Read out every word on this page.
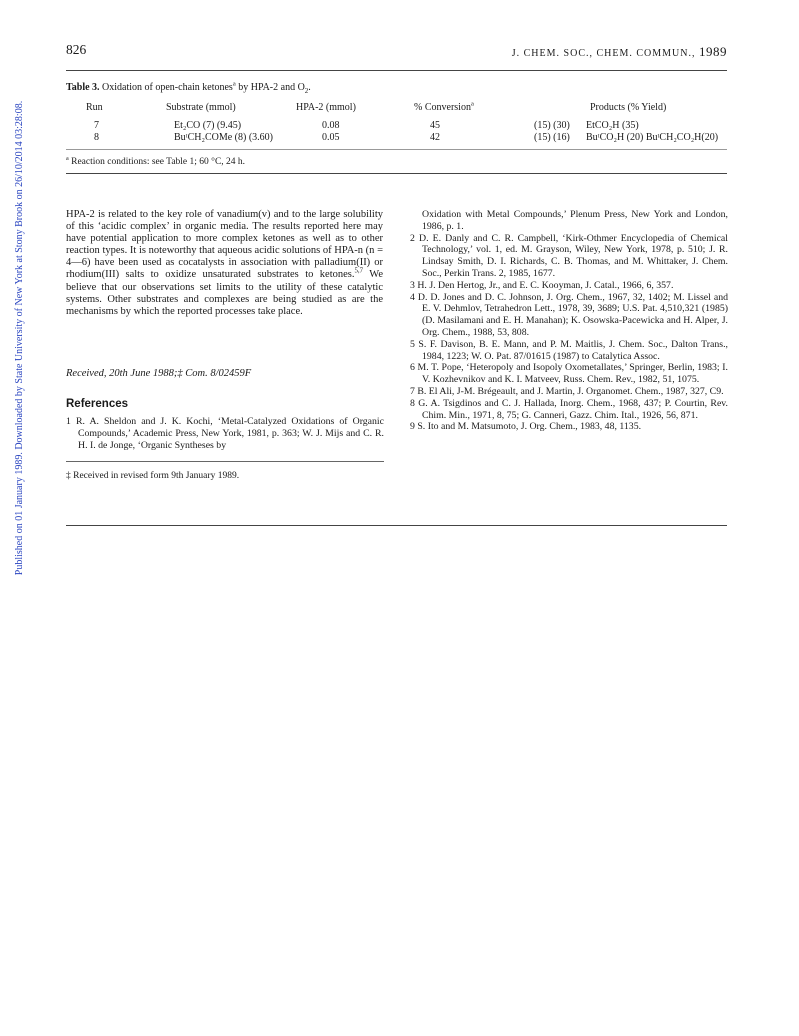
Published on 01 January 1989. Downloaded by State University of New York at Stony Brook on 26/10/2014 03:28:08.
826	J. CHEM. SOC., CHEM. COMMUN., 1989
Table 3. Oxidation of open-chain ketones$^a$ by HPA-2 and $O_2$.
Run	Substrate (mmol)	HPA-2 (mmol)	% Conversion$^a$	Products (% Yield)	
7	Et₂CO (7) (9.45)	0.08	45	(15) (30)	EtCO₂H (35)
8	BuᵗCH₂COMe (8) (3.60)	0.05	42	(15) (16)	BuᵗCO₂H (20) BuᵗCH₂CO₂H(20)
$^a$ Reaction conditions: see Table 1; 60 °C, 24 h.

HPA-2 is related to the key role of vanadium(v) and to the large solubility of this ‘acidic complex’ in organic media. The results reported here may have potential application to more complex ketones as well as to other reaction types. It is noteworthy that aqueous acidic solutions of HPA-n (n = 4—6) have been used as cocatalysts in association with palladium(II) or rhodium(III) salts to oxidize unsaturated substrates to ketones.$^{5,7}$ We believe that our observations set limits to the utility of these catalytic systems. Other substrates and complexes are being studied as are the mechanisms by which the reported processes take place.

Received, 20th June 1988;‡ Com. 8/02459F
References

1 R. A. Sheldon and J. K. Kochi, ‘Metal-Catalyzed Oxidations of Organic Compounds,’ Academic Press, New York, 1981, p. 363; W. J. Mijs and C. R. H. I. de Jonge, ‘Organic Syntheses by

‡ Received in revised form 9th January 1989.

Oxidation with Metal Compounds,’ Plenum Press, New York and London, 1986, p. 1.

2 D. E. Danly and C. R. Campbell, ‘Kirk-Othmer Encyclopedia of Chemical Technology,’ vol. 1, ed. M. Grayson, Wiley, New York, 1978, p. 510; J. R. Lindsay Smith, D. I. Richards, C. B. Thomas, and M. Whittaker, J. Chem. Soc., Perkin Trans. 2, 1985, 1677.

3 H. J. Den Hertog, Jr., and E. C. Kooyman, J. Catal., 1966, 6, 357.

4 D. D. Jones and D. C. Johnson, J. Org. Chem., 1967, 32, 1402; M. Lissel and E. V. Dehmlov, Tetrahedron Lett., 1978, 39, 3689; U.S. Pat. 4,510,321 (1985) (D. Masilamani and E. H. Manahan); K. Osowska-Pacewicka and H. Alper, J. Org. Chem., 1988, 53, 808.

5 S. F. Davison, B. E. Mann, and P. M. Maitlis, J. Chem. Soc., Dalton Trans., 1984, 1223; W. O. Pat. 87/01615 (1987) to Catalytica Assoc.

6 M. T. Pope, ‘Heteropoly and Isopoly Oxometallates,’ Springer, Berlin, 1983; I. V. Kozhevnikov and K. I. Matveev, Russ. Chem. Rev., 1982, 51, 1075.

7 B. El Ali, J-M. Brégeault, and J. Martin, J. Organomet. Chem., 1987, 327, C9.

8 G. A. Tsigdinos and C. J. Hallada, Inorg. Chem., 1968, 437; P. Courtin, Rev. Chim. Min., 1971, 8, 75; G. Canneri, Gazz. Chim. Ital., 1926, 56, 871.

9 S. Ito and M. Matsumoto, J. Org. Chem., 1983, 48, 1135.
